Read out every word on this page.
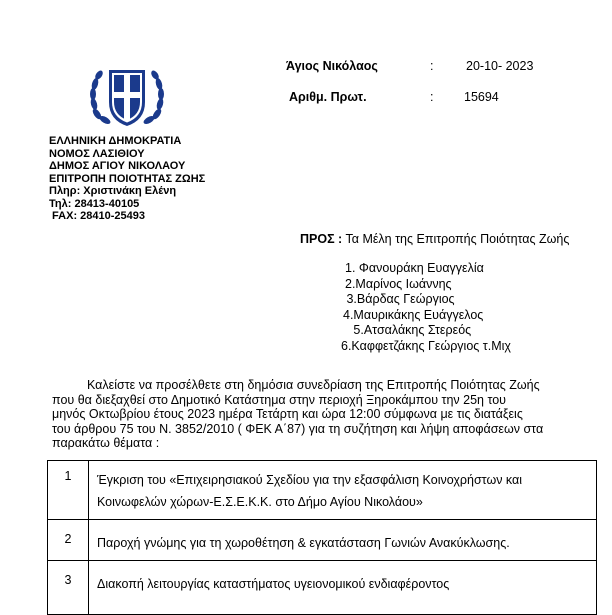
Άγιος Νικόλαος	:	20-10- 2023
Αριθμ. Πρωτ.	: 15694
ΕΛΛΗΝΙΚΗ ΔΗΜΟΚΡΑΤΙΑ
ΝΟΜΟΣ ΛΑΣΙΘΙΟΥ
ΔΗΜΟΣ ΑΓΙΟΥ ΝΙΚΟΛΑΟΥ
ΕΠΙΤΡΟΠΗ ΠΟΙΟΤΗΤΑΣ ΖΩΗΣ
Πληρ: Χριστινάκη Ελένη
Τηλ: 28413-40105
FAX: 28410-25493
ΠΡΟΣ : Τα Μέλη της Επιτροπής Ποιότητας Ζωής
1. Φανουράκη Ευαγγελία
2.Μαρίνος Ιωάννης
3.Βάρδας Γεώργιος
4.Μαυρικάκης Ευάγγελος
5.Ατσαλάκης Στερεός
6.Καφφετζάκης Γεώργιος τ.Μιχ
Καλείστε να προσέλθετε στη δημόσια συνεδρίαση της Επιτροπής Ποιότητας Ζωής
που θα διεξαχθεί στο Δημοτικό Κατάστημα στην περιοχή Ξηροκάμπου την 25η του
μηνός Οκτωβρίου έτους 2023 ημέρα Τετάρτη και ώρα 12:00 σύμφωνα με τις διατάξεις
του άρθρου 75 του Ν. 3852/2010 ( ΦΕΚ Α΄87) για τη συζήτηση και λήψη αποφάσεων στα
παρακάτω θέματα :
1	Έγκριση του «Επιχειρησιακού Σχεδίου για την εξασφάλιση Κοινοχρήστων και
Κοινωφελών χώρων-Ε.Σ.Ε.Κ.Κ. στο Δήμο Αγίου Νικολάου»

2	Παροχή γνώμης για τη χωροθέτηση & εγκατάσταση Γωνιών Ανακύκλωσης.

3	Διακοπή λειτουργίας καταστήματος υγειονομικού ενδιαφέροντος
